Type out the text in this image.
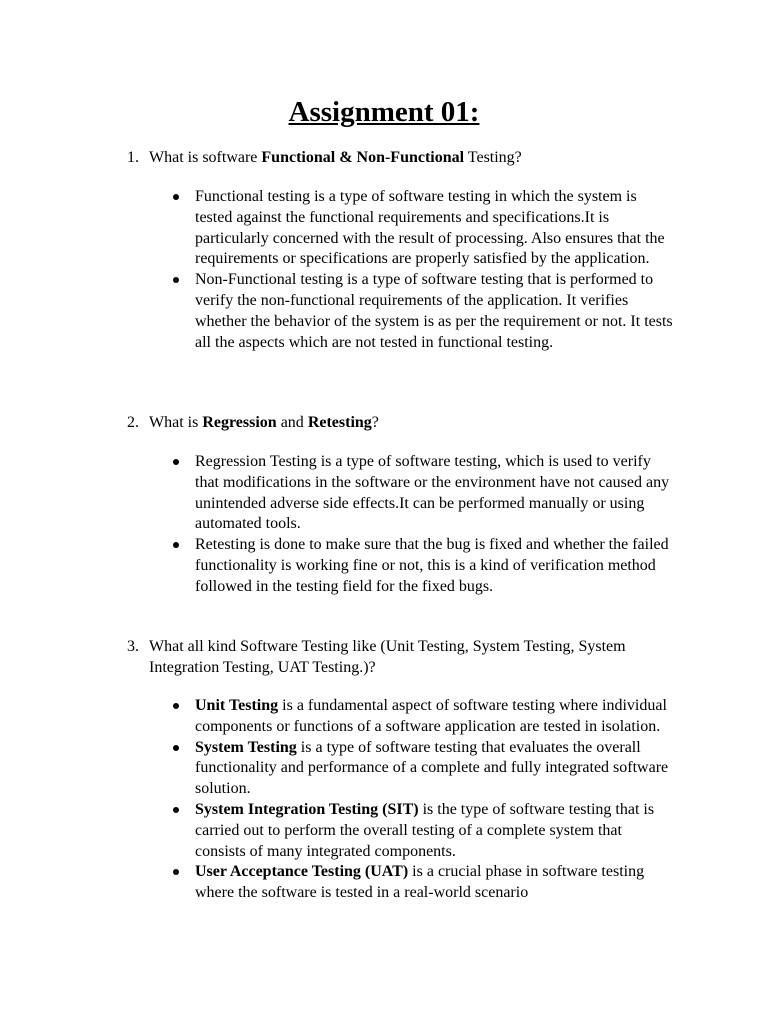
Assignment 01:

1. What is software Functional & Non-Functional Testing?

Functional testing is a type of software testing in which the system is tested against the functional requirements and specifications.It is particularly concerned with the result of processing. Also ensures that the requirements or specifications are properly satisfied by the application.
Non-Functional testing is a type of software testing that is performed to verify the non-functional requirements of the application. It verifies whether the behavior of the system is as per the requirement or not. It tests all the aspects which are not tested in functional testing.

2. What is Regression and Retesting?

Regression Testing is a type of software testing, which is used to verify that modifications in the software or the environment have not caused any unintended adverse side effects.It can be performed manually or using automated tools.
Retesting is done to make sure that the bug is fixed and whether the failed functionality is working fine or not, this is a kind of verification method followed in the testing field for the fixed bugs.

3. What all kind Software Testing like (Unit Testing, System Testing, System Integration Testing, UAT Testing.)?

Unit Testing is a fundamental aspect of software testing where individual components or functions of a software application are tested in isolation.
System Testing is a type of software testing that evaluates the overall functionality and performance of a complete and fully integrated software solution.
System Integration Testing (SIT) is the type of software testing that is carried out to perform the overall testing of a complete system that consists of many integrated components.
User Acceptance Testing (UAT) is a crucial phase in software testing where the software is tested in a real-world scenario
